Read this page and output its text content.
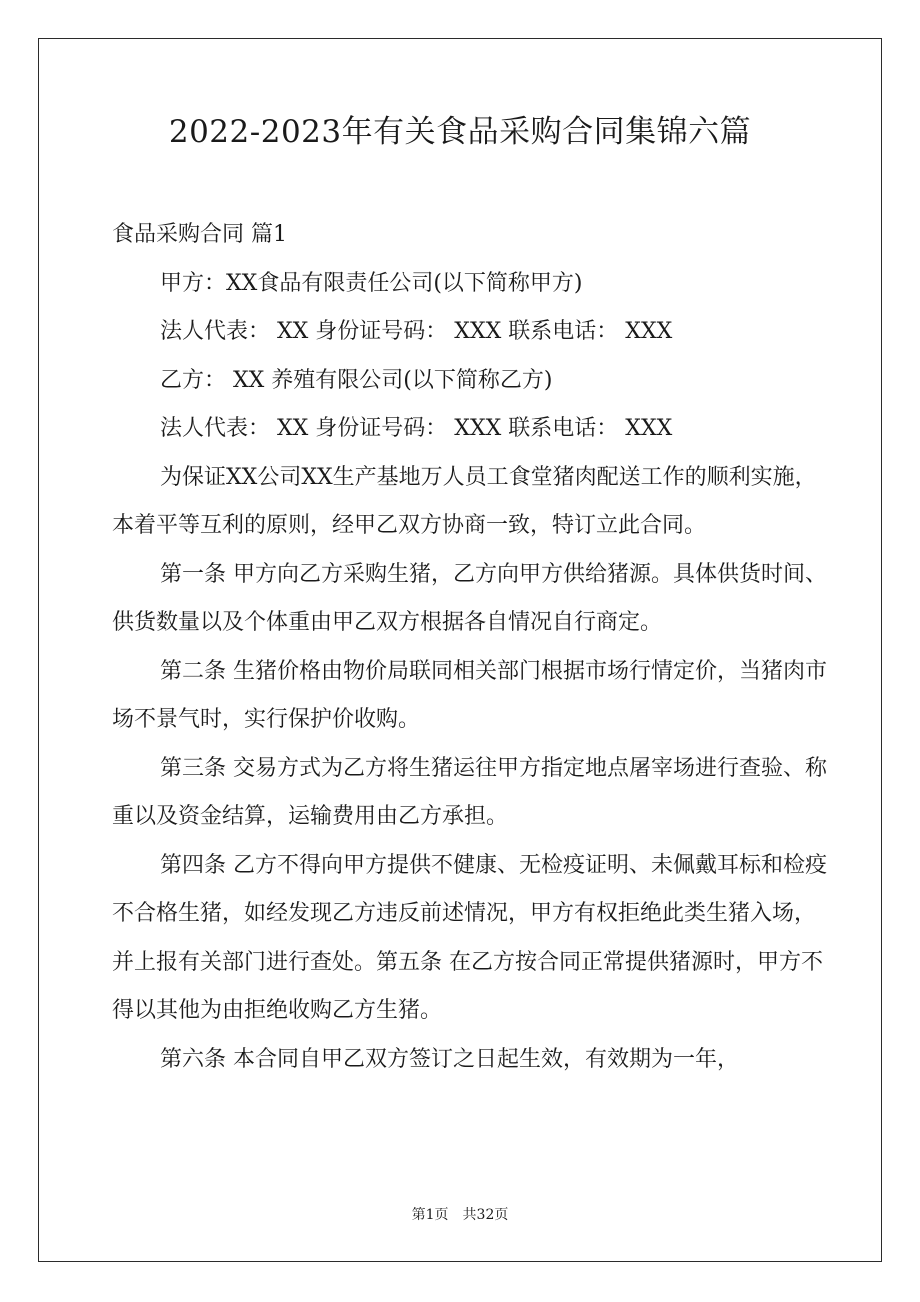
2022-2023年有关食品采购合同集锦六篇

食品采购合同 篇1

甲方：XX食品有限责任公司(以下简称甲方)

法人代表： XX 身份证号码： XXX 联系电话： XXX

乙方： XX 养殖有限公司(以下简称乙方)

法人代表： XX 身份证号码： XXX 联系电话： XXX

为保证XX公司XX生产基地万人员工食堂猪肉配送工作的顺利实施，本着平等互利的原则，经甲乙双方协商一致，特订立此合同。

第一条 甲方向乙方采购生猪，乙方向甲方供给猪源。具体供货时间、供货数量以及个体重由甲乙双方根据各自情况自行商定。

第二条 生猪价格由物价局联同相关部门根据市场行情定价，当猪肉市场不景气时，实行保护价收购。

第三条 交易方式为乙方将生猪运往甲方指定地点屠宰场进行查验、称重以及资金结算，运输费用由乙方承担。

第四条 乙方不得向甲方提供不健康、无检疫证明、未佩戴耳标和检疫不合格生猪，如经发现乙方违反前述情况，甲方有权拒绝此类生猪入场，并上报有关部门进行查处。第五条 在乙方按合同正常提供猪源时，甲方不得以其他为由拒绝收购乙方生猪。

第六条 本合同自甲乙双方签订之日起生效，有效期为一年，

第1页　共32页
